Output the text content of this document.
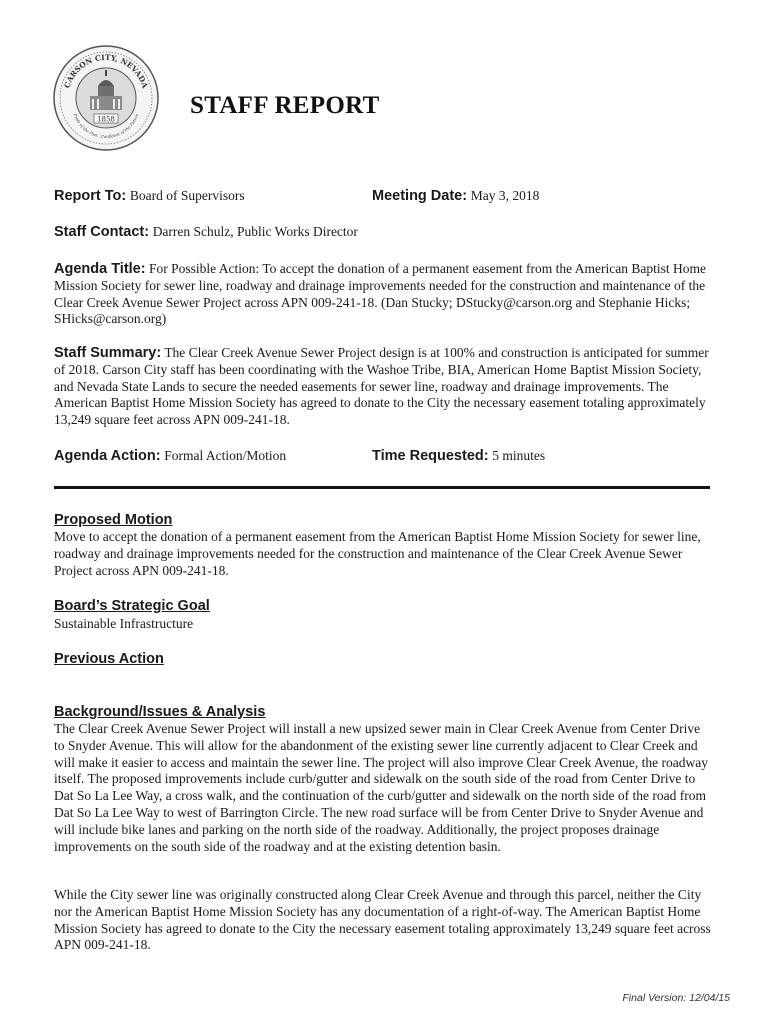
1858
CARSON CITY, NEVADA
Pride of the Past...Confident of the Future STAFF REPORT
Report To: Board of Supervisors	Meeting Date: May 3, 2018
Staff Contact: Darren Schulz, Public Works Director

Agenda Title: For Possible Action: To accept the donation of a permanent easement from the American Baptist Home Mission Society for sewer line, roadway and drainage improvements needed for the construction and maintenance of the Clear Creek Avenue Sewer Project across APN 009-241-18. (Dan Stucky; DStucky@carson.org and Stephanie Hicks; SHicks@carson.org)

Staff Summary: The Clear Creek Avenue Sewer Project design is at 100% and construction is anticipated for summer of 2018. Carson City staff has been coordinating with the Washoe Tribe, BIA, American Home Baptist Mission Society, and Nevada State Lands to secure the needed easements for sewer line, roadway and drainage improvements. The American Baptist Home Mission Society has agreed to donate to the City the necessary easement totaling approximately 13,249 square feet across APN 009-241-18.

Agenda Action: Formal Action/Motion	Time Requested: 5 minutes
Proposed Motion

Move to accept the donation of a permanent easement from the American Baptist Home Mission Society for sewer line, roadway and drainage improvements needed for the construction and maintenance of the Clear Creek Avenue Sewer Project across APN 009-241-18.

Board’s Strategic Goal

Sustainable Infrastructure

Previous Action
Background/Issues & Analysis

The Clear Creek Avenue Sewer Project will install a new upsized sewer main in Clear Creek Avenue from Center Drive to Snyder Avenue. This will allow for the abandonment of the existing sewer line currently adjacent to Clear Creek and will make it easier to access and maintain the sewer line. The project will also improve Clear Creek Avenue, the roadway itself. The proposed improvements include curb/gutter and sidewalk on the south side of the road from Center Drive to Dat So La Lee Way, a cross walk, and the continuation of the curb/gutter and sidewalk on the north side of the road from Dat So La Lee Way to west of Barrington Circle. The new road surface will be from Center Drive to Snyder Avenue and will include bike lanes and parking on the north side of the roadway. Additionally, the project proposes drainage improvements on the south side of the roadway and at the existing detention basin.

While the City sewer line was originally constructed along Clear Creek Avenue and through this parcel, neither the City nor the American Baptist Home Mission Society has any documentation of a right-of-way. The American Baptist Home Mission Society has agreed to donate to the City the necessary easement totaling approximately 13,249 square feet across APN 009-241-18.

Final Version: 12/04/15
